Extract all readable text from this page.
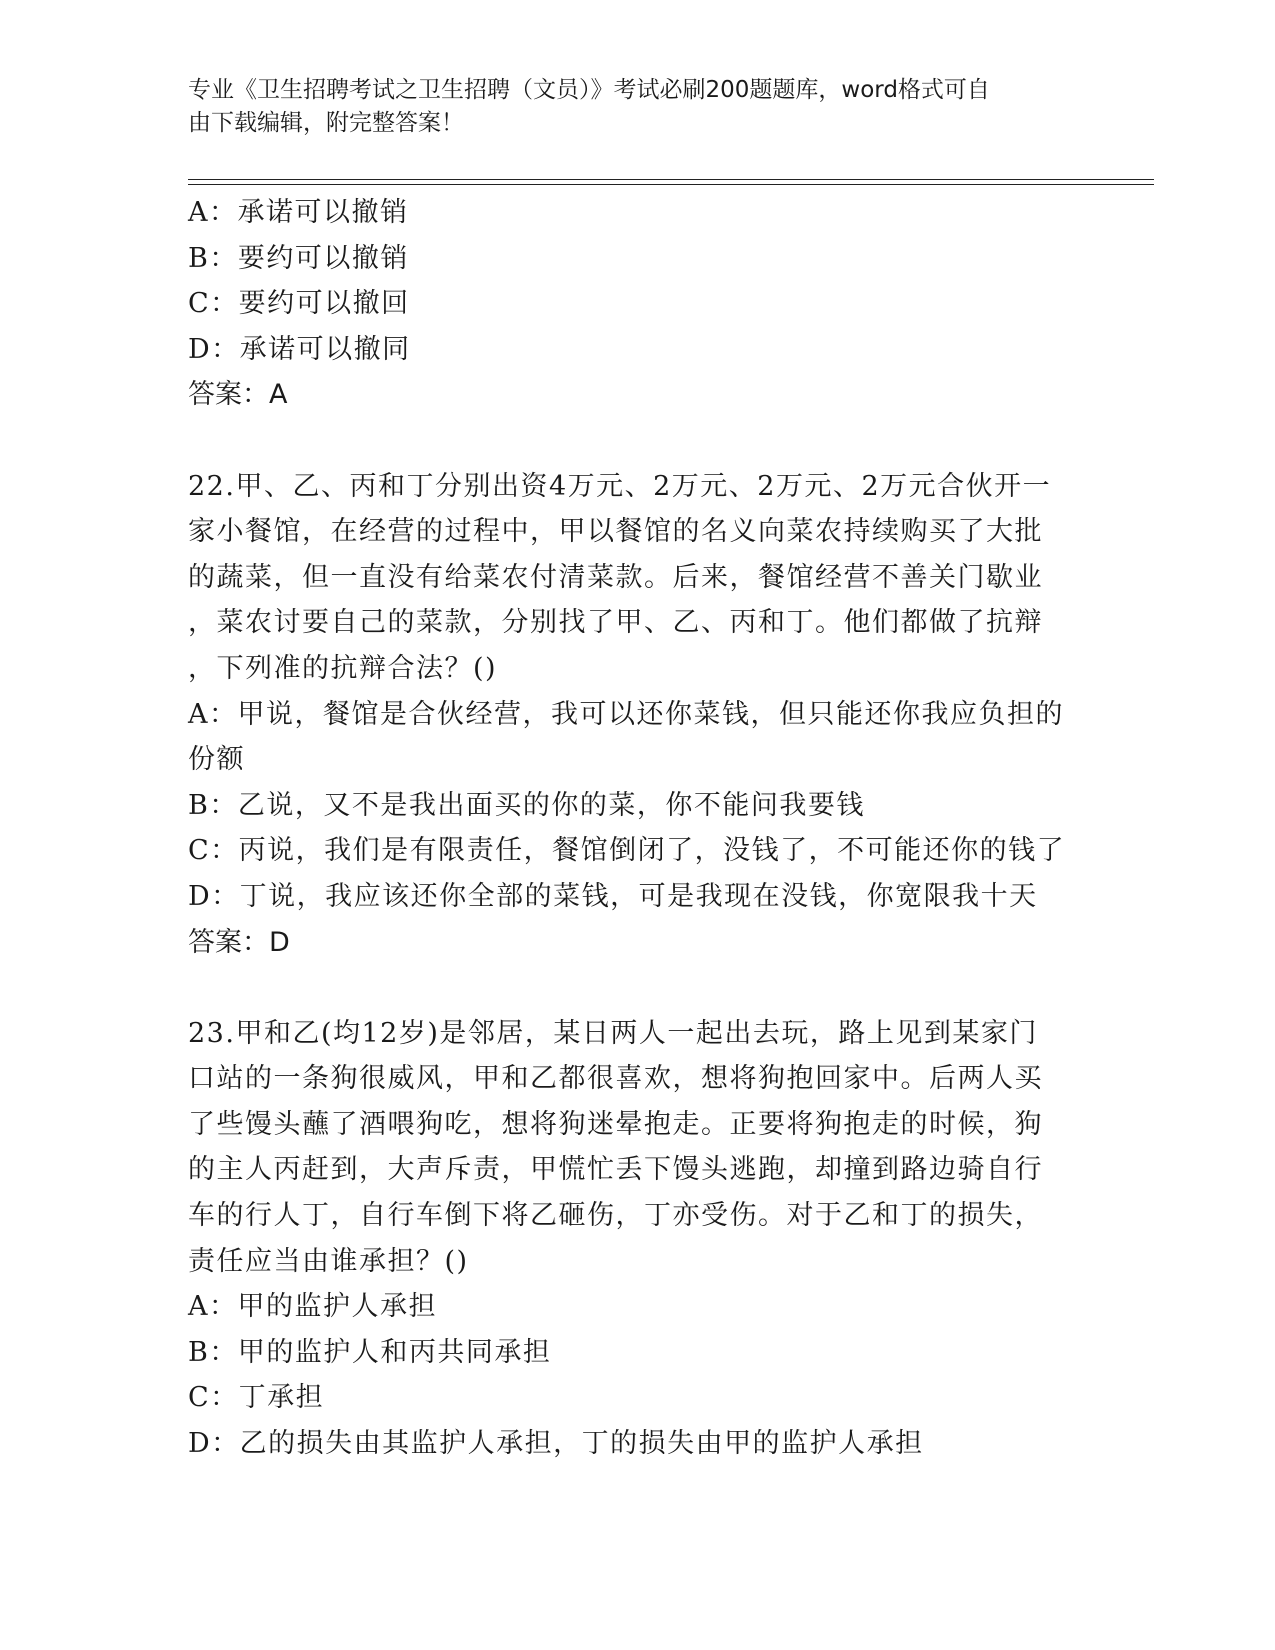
专业《卫生招聘考试之卫生招聘（文员）》考试必刷200题题库，word格式可自
由下载编辑，附完整答案！

A：承诺可以撤销

B：要约可以撤销

C：要约可以撤回

D：承诺可以撤同

答案：A

22.甲、乙、丙和丁分别出资4万元、2万元、2万元、2万元合伙开一

家小餐馆，在经营的过程中，甲以餐馆的名义向菜农持续购买了大批

的蔬菜，但一直没有给菜农付清菜款。后来，餐馆经营不善关门歇业

，菜农讨要自己的菜款，分别找了甲、乙、丙和丁。他们都做了抗辩

，下列准的抗辩合法？()

A：甲说，餐馆是合伙经营，我可以还你菜钱，但只能还你我应负担的

份额

B：乙说，又不是我出面买的你的菜，你不能问我要钱

C：丙说，我们是有限责任，餐馆倒闭了，没钱了，不可能还你的钱了

D：丁说，我应该还你全部的菜钱，可是我现在没钱，你宽限我十天

答案：D

23.甲和乙(均12岁)是邻居，某日两人一起出去玩，路上见到某家门

口站的一条狗很威风，甲和乙都很喜欢，想将狗抱回家中。后两人买

了些馒头蘸了酒喂狗吃，想将狗迷晕抱走。正要将狗抱走的时候，狗

的主人丙赶到，大声斥责，甲慌忙丢下馒头逃跑，却撞到路边骑自行

车的行人丁，自行车倒下将乙砸伤，丁亦受伤。对于乙和丁的损失，

责任应当由谁承担？()

A：甲的监护人承担

B：甲的监护人和丙共同承担

C：丁承担

D：乙的损失由其监护人承担，丁的损失由甲的监护人承担
